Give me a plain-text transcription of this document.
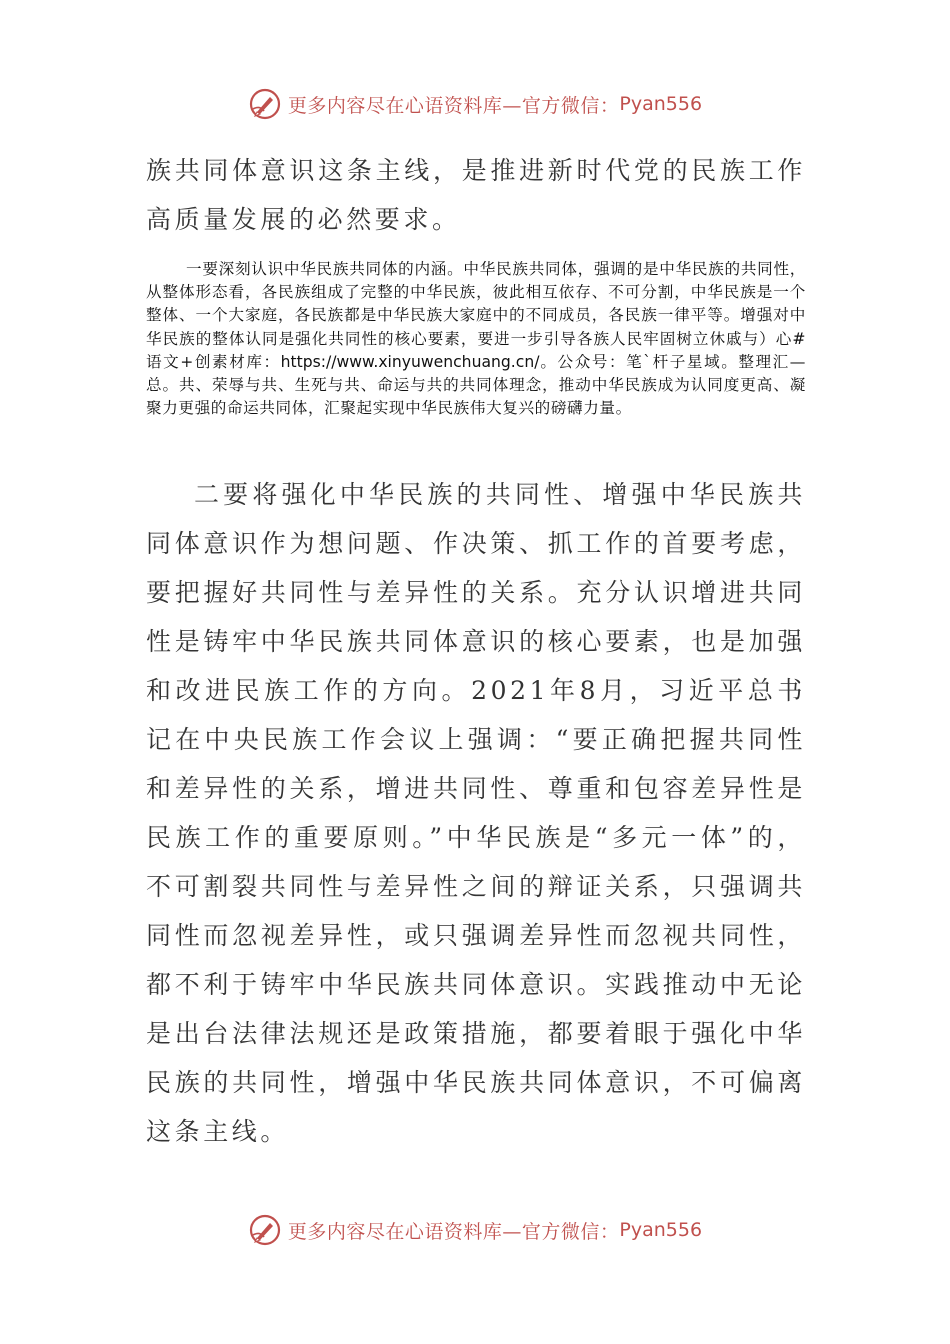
更多内容尽在心语资料库—官方微信： Pyan556

族共同体意识这条主线，是推进新时代党的民族工作高质量发展的必然要求。

一要深刻认识中华民族共同体的内涵。中华民族共同体，强调的是中华民族的共同性，从整体形态看，各民族组成了完整的中华民族，彼此相互依存、不可分割，中华民族是一个整体、一个大家庭，各民族都是中华民族大家庭中的不同成员，各民族一律平等。增强对中华民族的整体认同是强化共同性的核心要素，要进一步引导各族人民牢固树立休戚与）心#语文+创素材库：https://www.xinyuwenchuang.cn/。公众号：笔`杆子星域。整理汇—总。共、荣辱与共、生死与共、命运与共的共同体理念，推动中华民族成为认同度更高、凝聚力更强的命运共同体，汇聚起实现中华民族伟大复兴的磅礴力量。

二要将强化中华民族的共同性、增强中华民族共同体意识作为想问题、作决策、抓工作的首要考虑，要把握好共同性与差异性的关系。充分认识增进共同性是铸牢中华民族共同体意识的核心要素，也是加强和改进民族工作的方向。2021年8月，习近平总书记在中央民族工作会议上强调：“要正确把握共同性和差异性的关系，增进共同性、尊重和包容差异性是民族工作的重要原则。”中华民族是“多元一体”的，不可割裂共同性与差异性之间的辩证关系，只强调共同性而忽视差异性，或只强调差异性而忽视共同性，都不利于铸牢中华民族共同体意识。实践推动中无论是出台法律法规还是政策措施，都要着眼于强化中华民族的共同性，增强中华民族共同体意识，不可偏离这条主线。

更多内容尽在心语资料库—官方微信： Pyan556
